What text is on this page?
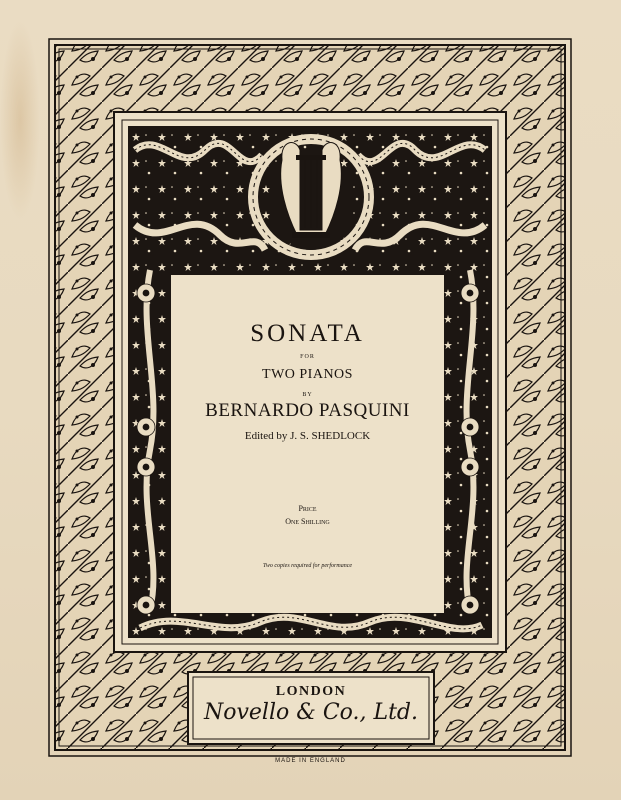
SONATA
FOR
TWO PIANOS
BY
BERNARDO PASQUINI
Edited by J. S. SHEDLOCK
Price
One Shilling
Two copies required for performance
LONDON
Novello & Co., Ltd.
MADE IN ENGLAND
